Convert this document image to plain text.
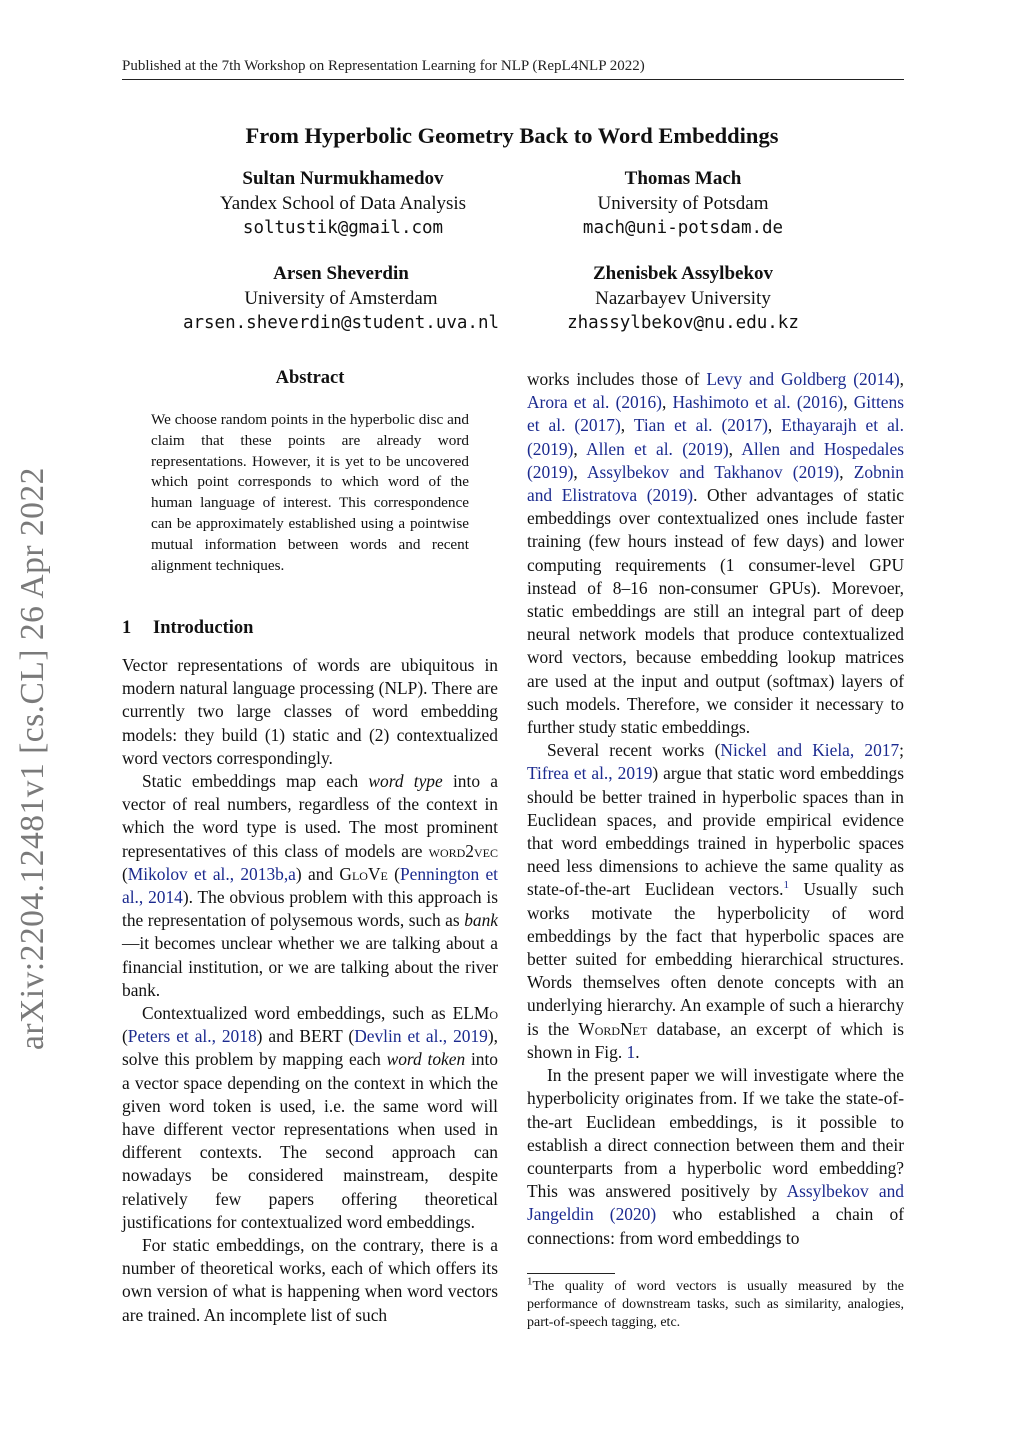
Published at the 7th Workshop on Representation Learning for NLP (RepL4NLP 2022)
From Hyperbolic Geometry Back to Word Embeddings
Sultan Nurmukhamedov
Yandex School of Data Analysis
soltustik@gmail.com
Thomas Mach
University of Potsdam
mach@uni-potsdam.de
Arsen Sheverdin
University of Amsterdam
arsen.sheverdin@student.uva.nl
Zhenisbek Assylbekov
Nazarbayev University
zhassylbekov@nu.edu.kz
arXiv:2204.12481v1 [cs.CL] 26 Apr 2022
Abstract
We choose random points in the hyperbolic disc and claim that these points are already word representations. However, it is yet to be uncovered which point corresponds to which word of the human language of interest. This correspondence can be approximately established using a pointwise mutual information between words and recent alignment techniques.
1 Introduction

Vector representations of words are ubiquitous in modern natural language processing (NLP). There are currently two large classes of word embedding models: they build (1) static and (2) contextualized word vectors correspondingly.

Static embeddings map each word type into a vector of real numbers, regardless of the context in which the word type is used. The most prominent representatives of this class of models are word2vec (Mikolov et al., 2013b,a) and GloVe (Pennington et al., 2014). The obvious problem with this approach is the representation of polysemous words, such as bank—it becomes unclear whether we are talking about a financial institution, or we are talking about the river bank.

Contextualized word embeddings, such as ELMo (Peters et al., 2018) and BERT (Devlin et al., 2019), solve this problem by mapping each word token into a vector space depending on the context in which the given word token is used, i.e. the same word will have different vector representations when used in different contexts. The second approach can nowadays be considered mainstream, despite relatively few papers offering theoretical justifications for contextualized word embeddings.

For static embeddings, on the contrary, there is a number of theoretical works, each of which offers its own version of what is happening when word vectors are trained. An incomplete list of such

works includes those of Levy and Goldberg (2014), Arora et al. (2016), Hashimoto et al. (2016), Gittens et al. (2017), Tian et al. (2017), Ethayarajh et al. (2019), Allen et al. (2019), Allen and Hospedales (2019), Assylbekov and Takhanov (2019), Zobnin and Elistratova (2019). Other advantages of static embeddings over contextualized ones include faster training (few hours instead of few days) and lower computing requirements (1 consumer-level GPU instead of 8–16 non-consumer GPUs). Morevoer, static embeddings are still an integral part of deep neural network models that produce contextualized word vectors, because embedding lookup matrices are used at the input and output (softmax) layers of such models. Therefore, we consider it necessary to further study static embeddings.

Several recent works (Nickel and Kiela, 2017; Tifrea et al., 2019) argue that static word embeddings should be better trained in hyperbolic spaces than in Euclidean spaces, and provide empirical evidence that word embeddings trained in hyperbolic spaces need less dimensions to achieve the same quality as state-of-the-art Euclidean vectors.$^1$ Usually such works motivate the hyperbolicity of word embeddings by the fact that hyperbolic spaces are better suited for embedding hierarchical structures. Words themselves often denote concepts with an underlying hierarchy. An example of such a hierarchy is the WordNet database, an excerpt of which is shown in Fig. 1.

In the present paper we will investigate where the hyperbolicity originates from. If we take the state-of-the-art Euclidean embeddings, is it possible to establish a direct connection between them and their counterparts from a hyperbolic word embedding? This was answered positively by Assylbekov and Jangeldin (2020) who established a chain of connections: from word embeddings to

$^1$The quality of word vectors is usually measured by the performance of downstream tasks, such as similarity, analogies, part-of-speech tagging, etc.
